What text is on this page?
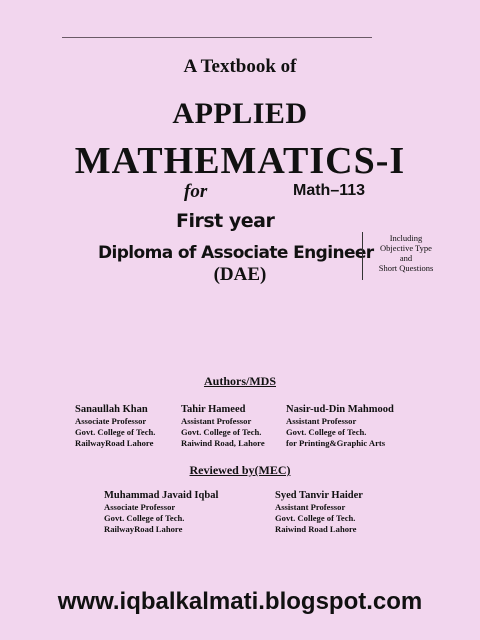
A Textbook of
APPLIED
MATHEMATICS-I
for	Math–113
First year
Diploma of Associate Engineer
(DAE)
Including
Objective Type
and
Short Questions
Authors/MDS
Sanaullah Khan
Associate Professor
Govt. College of Tech.
RailwayRoad Lahore
Tahir Hameed
Assistant Professor
Govt. College of Tech.
Raiwind Road, Lahore
Nasir-ud-Din Mahmood
Assistant Professor
Govt. College of Tech.
for Printing&Graphic Arts
Reviewed by(MEC)
Muhammad Javaid Iqbal
Associate Professor
Govt. College of Tech.
RailwayRoad Lahore
Syed Tanvir Haider
Assistant Professor
Govt. College of Tech.
Raiwind Road Lahore
www.iqbalkalmati.blogspot.com
